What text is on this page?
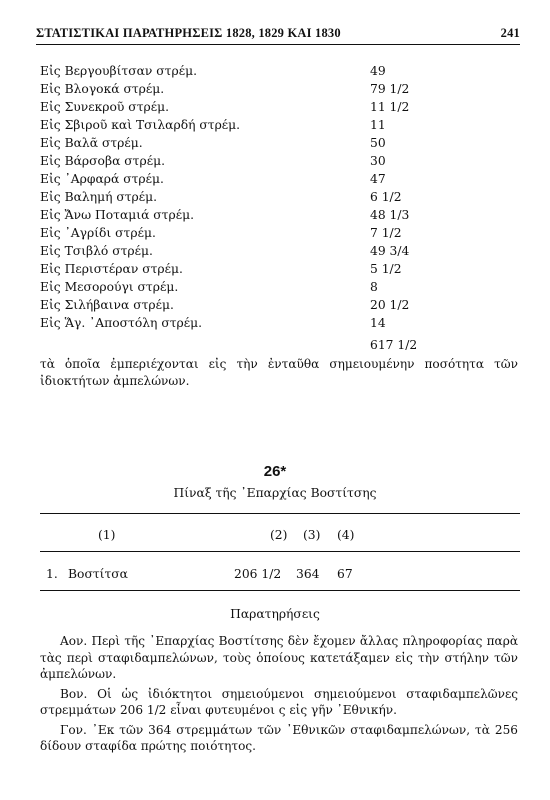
ΣΤΑΤΙΣΤΙΚΑΙ ΠΑΡΑΤΗΡΗΣΕΙΣ 1828, 1829 ΚΑΙ 1830	241
Εἰς Βεργουβίτσαν στρέμ.	49
Εἰς Βλογοκά στρέμ.	79 1/2
Εἰς Συνεκροῦ στρέμ.	11 1/2
Εἰς Σβιροῦ καὶ Τσιλαρδή στρέμ.	11
Εἰς Βαλᾶ στρέμ.	50
Εἰς Βάρσοβα στρέμ.	30
Εἰς ᾽Αρφαρά στρέμ.	47
Εἰς Βαλημή στρέμ.	6 1/2
Εἰς Ἄνω Ποταμιά στρέμ.	48 1/3
Εἰς ᾽Αγρίδι στρέμ.	7 1/2
Εἰς Τσιβλό στρέμ.	49 3/4
Εἰς Περιστέραν στρέμ.	5 1/2
Εἰς Μεσορούγι στρέμ.	8
Εἰς Σιλήβαινα στρέμ.	20 1/2
Εἰς Ἅγ. ᾽Αποστόλη στρέμ.	14
617 1/2
τὰ ὁποῖα ἐμπεριέχονται εἰς τὴν ἐνταῦθα σημειουμένην ποσότητα τῶν ἰδιοκτήτων ἀμπελώνων.
26*
Πίναξ τῆς ᾽Επαρχίας Βοστίτσης
(1)	(2) (3) (4)
1. Βοστίτσα	206 1/2 364 67
Παρατηρήσεις

Αον. Περὶ τῆς ᾽Επαρχίας Βοστίτσης δὲν ἔχομεν ἄλλας πληροφορίας παρὰ τὰς περὶ σταφιδαμπελώνων, τοὺς ὁποίους κατετάξαμεν εἰς τὴν στήλην τῶν ἀμπελώνων.

Βον. Οἱ ὡς ἰδιόκτητοι σημειούμενοι σημειούμενοι σταφιδαμπελῶνες στρεμμάτων 206 1/2 εἶναι φυτευμένοι ς εἰς γῆν ᾽Εθνικήν.

Γον. ᾽Εκ τῶν 364 στρεμμάτων τῶν ᾽Εθνικῶν σταφιδαμπελώνων, τὰ 256 δίδουν σταφίδα πρώτης ποιότητος.
